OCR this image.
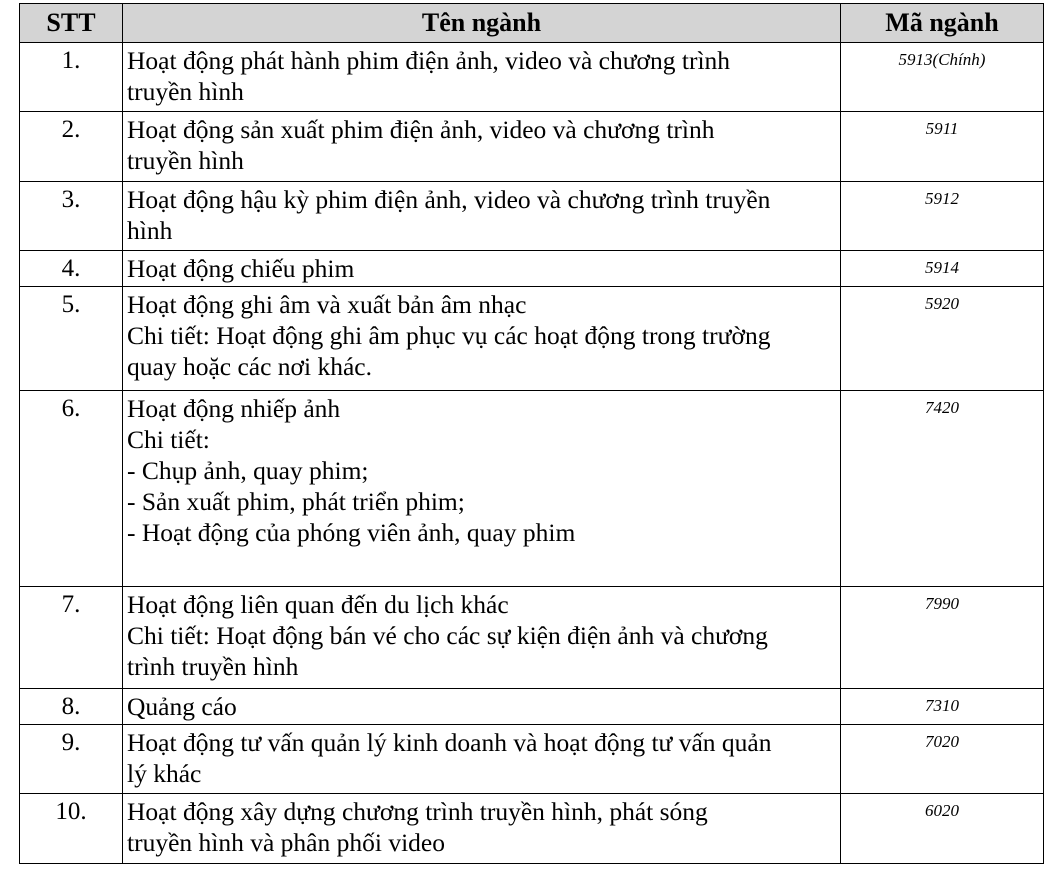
STT	Tên ngành	Mã ngành
1.	Hoạt động phát hành phim điện ảnh, video và chương trình
truyền hình	5913(Chính)
2.	Hoạt động sản xuất phim điện ảnh, video và chương trình
truyền hình	5911
3.	Hoạt động hậu kỳ phim điện ảnh, video và chương trình truyền
hình	5912
4.	Hoạt động chiếu phim	5914
5.	Hoạt động ghi âm và xuất bản âm nhạc
Chi tiết: Hoạt động ghi âm phục vụ các hoạt động trong trường
quay hoặc các nơi khác.	5920
6.	Hoạt động nhiếp ảnh
Chi tiết:
- Chụp ảnh, quay phim;
- Sản xuất phim, phát triển phim;
- Hoạt động của phóng viên ảnh, quay phim	7420
7.	Hoạt động liên quan đến du lịch khác
Chi tiết: Hoạt động bán vé cho các sự kiện điện ảnh và chương
trình truyền hình	7990
8.	Quảng cáo	7310
9.	Hoạt động tư vấn quản lý kinh doanh và hoạt động tư vấn quản
lý khác	7020
10.	Hoạt động xây dựng chương trình truyền hình, phát sóng
truyền hình và phân phối video	6020
